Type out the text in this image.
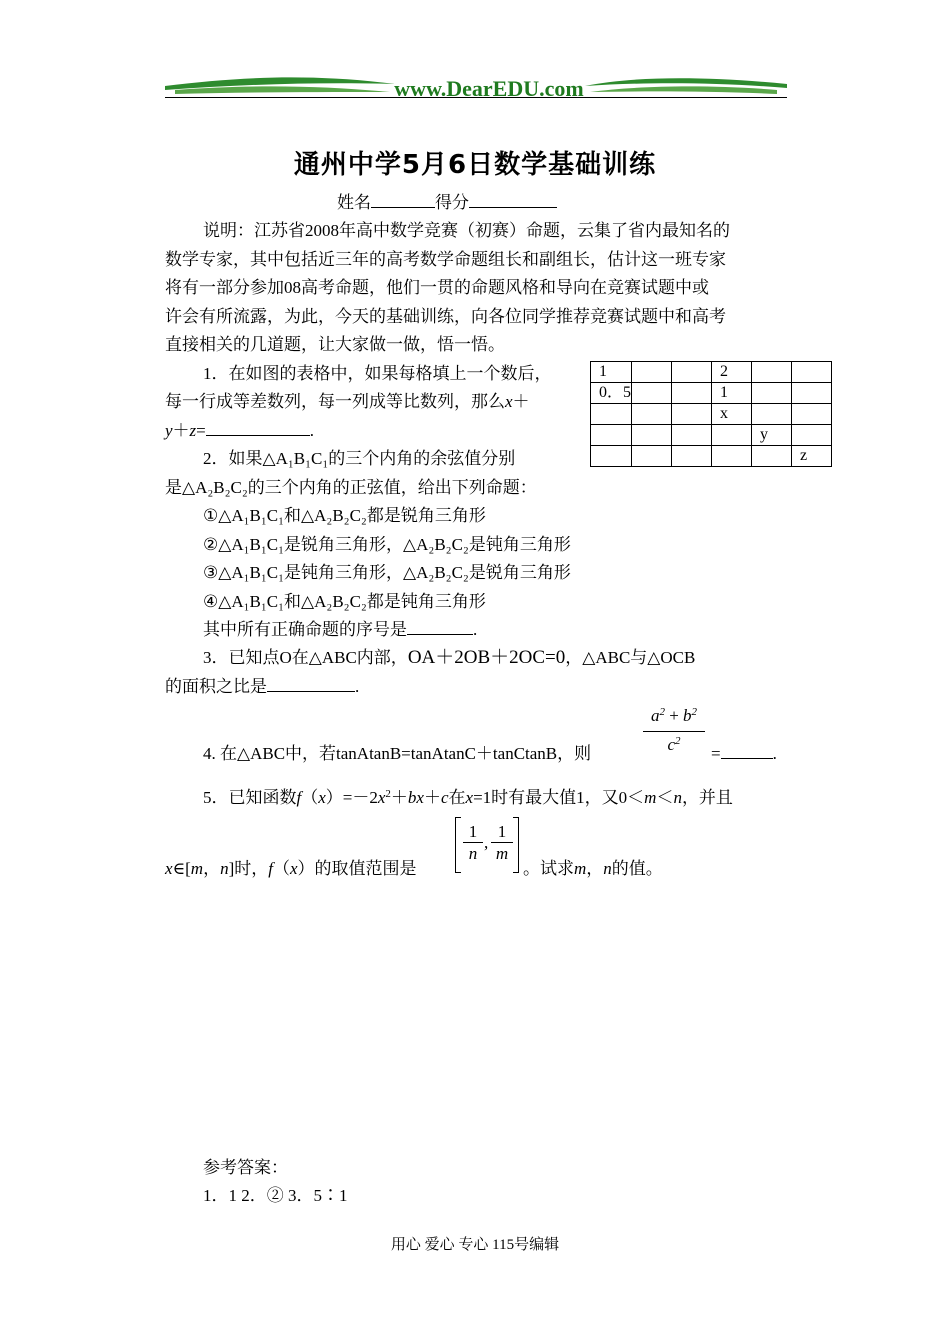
www.DearEDU.com
通州中学5月6日数学基础训练
姓名	得分
说明：江苏省2008年高中数学竞赛（初赛）命题，云集了省内最知名的
数学专家，其中包括近三年的高考数学命题组长和副组长，估计这一班专家
将有一部分参加08高考命题，他们一贯的命题风格和导向在竞赛试题中或
许会有所流露，为此，今天的基础训练，向各位同学推荐竞赛试题中和高考
直接相关的几道题，让大家做一做，悟一悟。
1．在如图的表格中，如果每格填上一个数后，
每一行成等差数列，每一列成等比数列，那么x＋
y＋z=	.
1			2		
0．5			1		
			x		
				y	
					z
2．如果△A₁B₁C₁的三个内角的余弦值分别
是△A₂B₂C₂的三个内角的正弦值，给出下列命题：
①△A₁B₁C₁和△A₂B₂C₂都是锐角三角形
②△A₁B₁C₁是锐角三角形，△A₂B₂C₂是钝角三角形
③△A₁B₁C₁是钝角三角形，△A₂B₂C₂是锐角三角形
④△A₁B₁C₁和△A₂B₂C₂都是钝角三角形
其中所有正确命题的序号是	.
3．已知点O在△ABC内部，OA＋2OB＋2OC=0，△ABC与△OCB
的面积之比是	.
4. 在△ABC中，若tanAtanB=tanAtanC＋tanCtanB，则
$a^2 + b^2$
$c^2$
=	.
5．已知函数$f(x)=-2x^2+bx+c$在x=1时有最大值1，又0＜m＜n，并且
x∈[m，n]时，f（x）的取值范围是
1
n
,
1
m
。试求m，n的值。
参考答案：
1．1 2．② 3．5∶1
用心 爱心 专心 115号编辑
